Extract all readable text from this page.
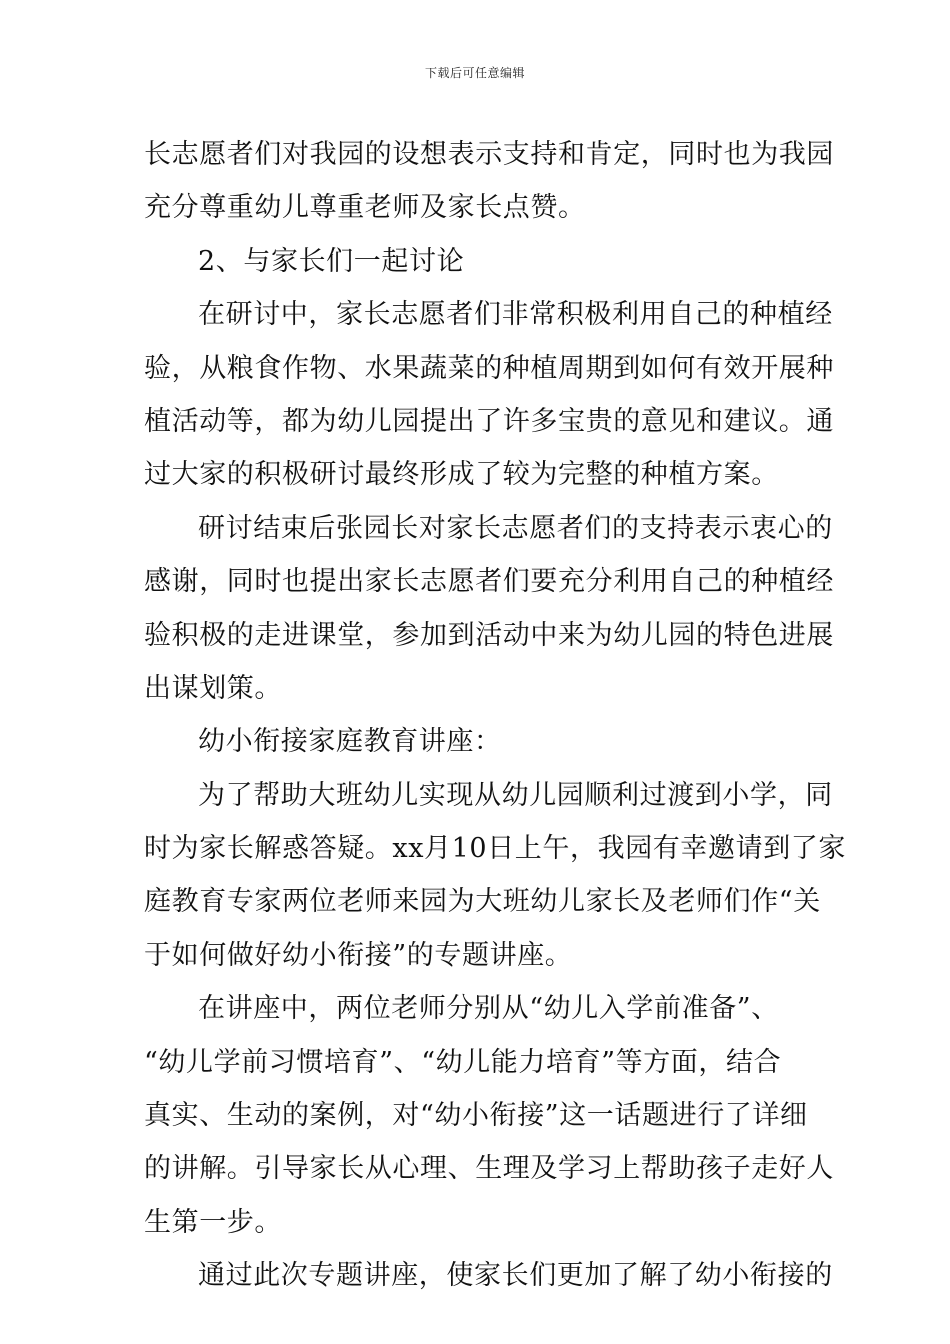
下载后可任意编辑
长志愿者们对我园的设想表示支持和肯定，同时也为我园
充分尊重幼儿尊重老师及家长点赞。
2、与家长们一起讨论
在研讨中，家长志愿者们非常积极利用自己的种植经
验，从粮食作物、水果蔬菜的种植周期到如何有效开展种
植活动等，都为幼儿园提出了许多宝贵的意见和建议。通
过大家的积极研讨最终形成了较为完整的种植方案。
研讨结束后张园长对家长志愿者们的支持表示衷心的
感谢，同时也提出家长志愿者们要充分利用自己的种植经
验积极的走进课堂，参加到活动中来为幼儿园的特色进展
出谋划策。
幼小衔接家庭教育讲座：
为了帮助大班幼儿实现从幼儿园顺利过渡到小学，同
时为家长解惑答疑。xx月10日上午，我园有幸邀请到了家
庭教育专家两位老师来园为大班幼儿家长及老师们作“关
于如何做好幼小衔接”的专题讲座。
在讲座中，两位老师分别从“幼儿入学前准备”、
“幼儿学前习惯培育”、“幼儿能力培育”等方面，结合
真实、生动的案例，对“幼小衔接”这一话题进行了详细
的讲解。引导家长从心理、生理及学习上帮助孩子走好人
生第一步。
通过此次专题讲座，使家长们更加了解了幼小衔接的
